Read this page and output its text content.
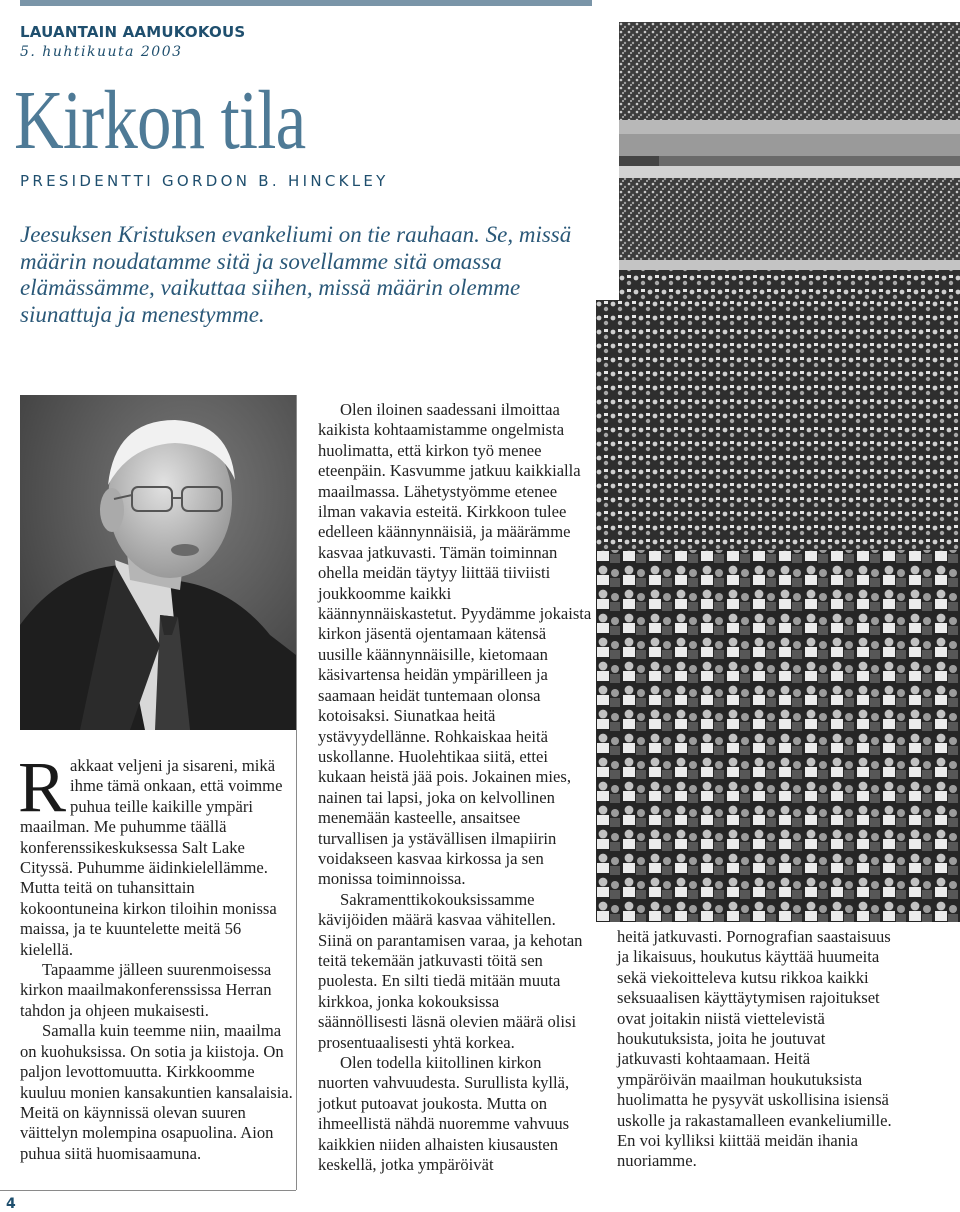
LAUANTAIN AAMUKOKOUS
5. huhtikuuta 2003
Kirkon tila
PRESIDENTTI GORDON B. HINCKLEY
Jeesuksen Kristuksen evankeliumi on tie rauhaan. Se, missä määrin noudatamme sitä ja sovellamme sitä omassa elämässämme, vaikuttaa siihen, missä määrin olemme siunattuja ja menestymme.

Rakkaat veljeni ja sisareni, mikä ihme tämä onkaan, että voimme puhua teille kaikille ympäri maailman. Me puhumme täällä konferenssikeskuksessa Salt Lake Cityssä. Puhumme äidinkielellämme. Mutta teitä on tuhansittain kokoontuneina kirkon tiloihin monissa maissa, ja te kuuntelette meitä 56 kielellä.

Tapaamme jälleen suurenmoisessa kirkon maailmakonferenssissa Herran tahdon ja ohjeen mukaisesti.

Samalla kuin teemme niin, maailma on kuohuksissa. On sotia ja kiistoja. On paljon levottomuutta. Kirkkoomme kuuluu monien kansakuntien kansalaisia. Meitä on käynnissä olevan suuren väittelyn molempina osapuolina. Aion puhua siitä huomisaamuna.

Olen iloinen saadessani ilmoittaa kaikista kohtaamistamme ongelmista huolimatta, että kirkon työ menee eteenpäin. Kasvumme jatkuu kaikkialla maailmassa. Lähetystyömme etenee ilman vakavia esteitä. Kirkkoon tulee edelleen käännynnäisiä, ja määrämme kasvaa jatkuvasti. Tämän toiminnan ohella meidän täytyy liittää tiiviisti joukkoomme kaikki käännynnäiskastetut. Pyydämme jokaista kirkon jäsentä ojentamaan kätensä uusille käännynnäisille, kietomaan käsivartensa heidän ympärilleen ja saamaan heidät tuntemaan olonsa kotoisaksi. Siunatkaa heitä ystävyydellänne. Rohkaiskaa heitä uskollanne. Huolehtikaa siitä, ettei kukaan heistä jää pois. Jokainen mies, nainen tai lapsi, joka on kelvollinen menemään kasteelle, ansaitsee turvallisen ja ystävällisen ilmapiirin voidakseen kasvaa kirkossa ja sen monissa toiminnoissa.

Sakramenttikokouksissamme kävijöiden määrä kasvaa vähitellen. Siinä on parantamisen varaa, ja kehotan teitä tekemään jatkuvasti töitä sen puolesta. En silti tiedä mitään muuta kirkkoa, jonka kokouksissa säännöllisesti läsnä olevien määrä olisi prosentuaalisesti yhtä korkea.

Olen todella kiitollinen kirkon nuorten vahvuudesta. Surullista kyllä, jotkut putoavat joukosta. Mutta on ihmeellistä nähdä nuoremme vahvuus kaikkien niiden alhaisten kiusausten keskellä, jotka ympäröivät

heitä jatkuvasti. Pornografian saastaisuus ja likaisuus, houkutus käyttää huumeita sekä viekoitteleva kutsu rikkoa kaikki seksuaalisen käyttäytymisen rajoitukset ovat joitakin niistä viettelevistä houkutuksista, joita he joutuvat jatkuvasti kohtaamaan. Heitä ympäröivän maailman houkutuksista huolimatta he pysyvät uskollisina isiensä uskolle ja rakastamalleen evankeliumille. En voi kylliksi kiittää meidän ihania nuoriamme.

4
